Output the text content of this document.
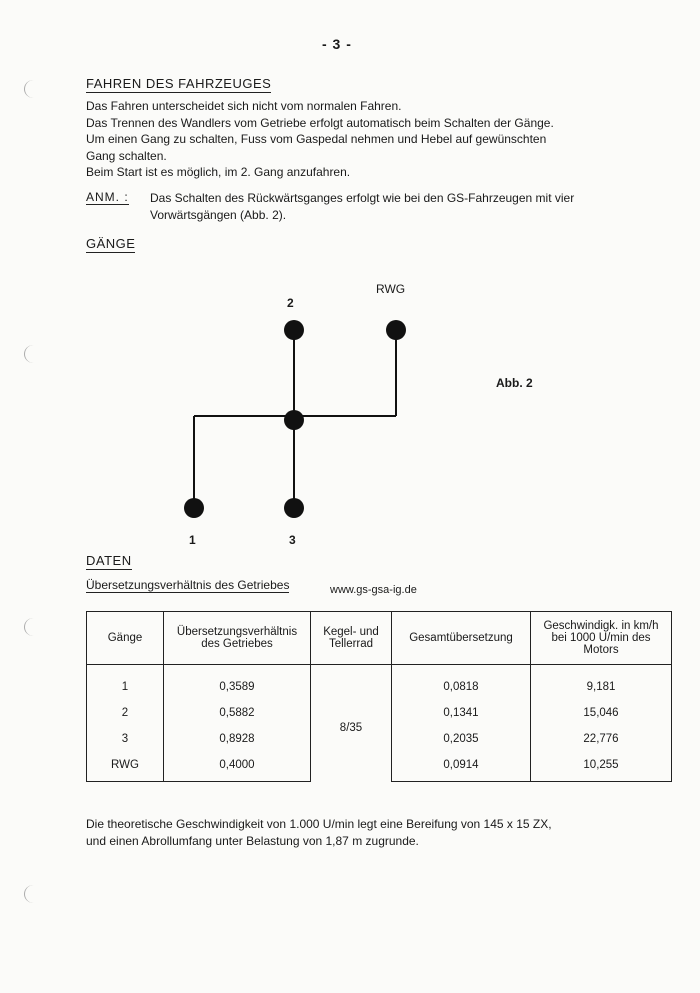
- 3 -
FAHREN DES FAHRZEUGES
Das Fahren unterscheidet sich nicht vom normalen Fahren.
Das Trennen des Wandlers vom Getriebe erfolgt automatisch beim Schalten der Gänge.
Um einen Gang zu schalten, Fuss vom Gaspedal nehmen und Hebel auf gewünschten
Gang schalten.
Beim Start ist es möglich, im 2. Gang anzufahren.
ANM. : Das Schalten des Rückwärtsganges erfolgt wie bei den GS-Fahrzeugen mit vier
Vorwärtsgängen (Abb. 2).
GÄNGE
2
RWG
Abb. 2
1	3
DATEN
Übersetzungsverhältnis des Getriebes	www.gs-gsa-ig.de
Gänge	Übersetzungsverhältnis des Getriebes	Kegel- und Tellerrad	Gesamtübersetzung	Geschwindigk. in km/h bei 1000 U/min des Motors
1	0,3589	8/35	0,0818	9,181
2	0,5882		0,1341	15,046
3	0,8928		0,2035	22,776
RWG	0,4000		0,0914	10,255
Die theoretische Geschwindigkeit von 1.000 U/min legt eine Bereifung von 145 x 15 ZX,
und einen Abrollumfang unter Belastung von 1,87 m zugrunde.
